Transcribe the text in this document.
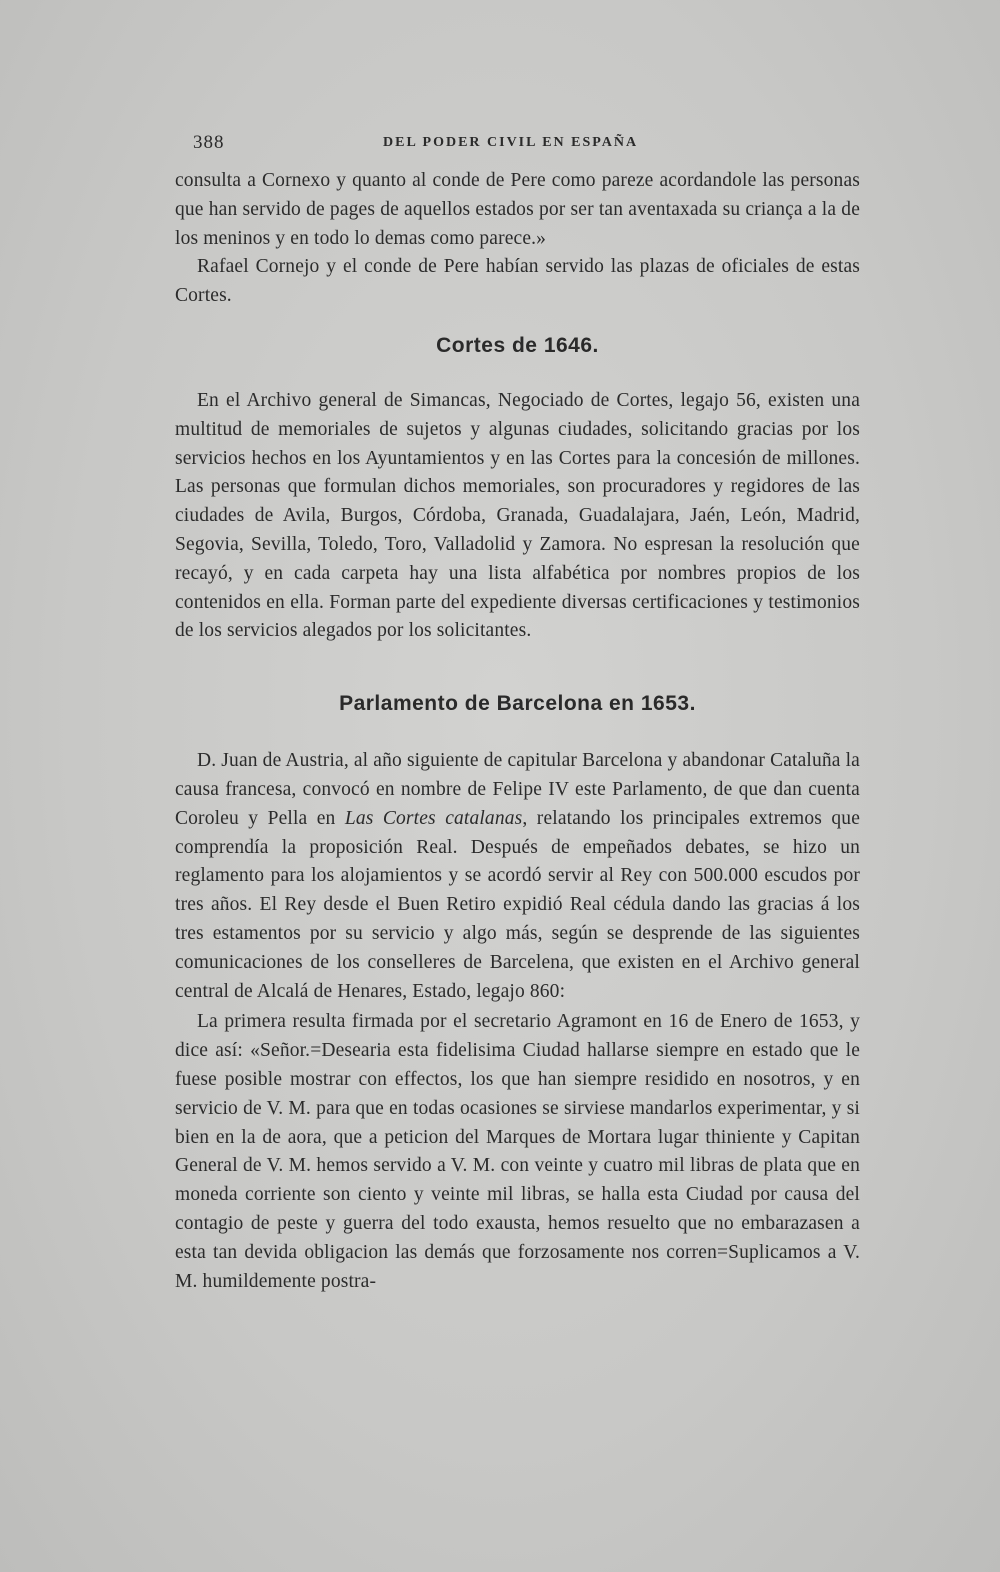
388	DEL PODER CIVIL EN ESPAÑA

consulta a Cornexo y quanto al conde de Pere como pareze acordandole las personas que han servido de pages de aquellos estados por ser tan aventaxada su criança a la de los meninos y en todo lo demas como parece.»

Rafael Cornejo y el conde de Pere habían servido las plazas de oficiales de estas Cortes.

Cortes de 1646.

En el Archivo general de Simancas, Negociado de Cortes, legajo 56, existen una multitud de memoriales de sujetos y algunas ciudades, solicitando gracias por los servicios hechos en los Ayuntamientos y en las Cortes para la concesión de millones. Las personas que formulan dichos memoriales, son procuradores y regidores de las ciudades de Avila, Burgos, Córdoba, Granada, Guadalajara, Jaén, León, Madrid, Segovia, Sevilla, Toledo, Toro, Valladolid y Zamora. No espresan la resolución que recayó, y en cada carpeta hay una lista alfabética por nombres propios de los contenidos en ella. Forman parte del expediente diversas certificaciones y testimonios de los servicios alegados por los solicitantes.

Parlamento de Barcelona en 1653.

D. Juan de Austria, al año siguiente de capitular Barcelona y abandonar Cataluña la causa francesa, convocó en nombre de Felipe IV este Parlamento, de que dan cuenta Coroleu y Pella en Las Cortes catalanas, relatando los principales extremos que comprendía la proposición Real. Después de empeñados debates, se hizo un reglamento para los alojamientos y se acordó servir al Rey con 500.000 escudos por tres años. El Rey desde el Buen Retiro expidió Real cédula dando las gracias á los tres estamentos por su servicio y algo más, según se desprende de las siguientes comunicaciones de los conselleres de Barcelena, que existen en el Archivo general central de Alcalá de Henares, Estado, legajo 860:

La primera resulta firmada por el secretario Agramont en 16 de Enero de 1653, y dice así: «Señor.=Desearia esta fidelisima Ciudad hallarse siempre en estado que le fuese posible mostrar con effectos, los que han siempre residido en nosotros, y en servicio de V. M. para que en todas ocasiones se sirviese mandarlos experimentar, y si bien en la de aora, que a peticion del Marques de Mortara lugar thiniente y Capitan General de V. M. hemos servido a V. M. con veinte y cuatro mil libras de plata que en moneda corriente son ciento y veinte mil libras, se halla esta Ciudad por causa del contagio de peste y guerra del todo exausta, hemos resuelto que no embarazasen a esta tan devida obligacion las demás que forzosamente nos corren=Suplicamos a V. M. humildemente postra-
